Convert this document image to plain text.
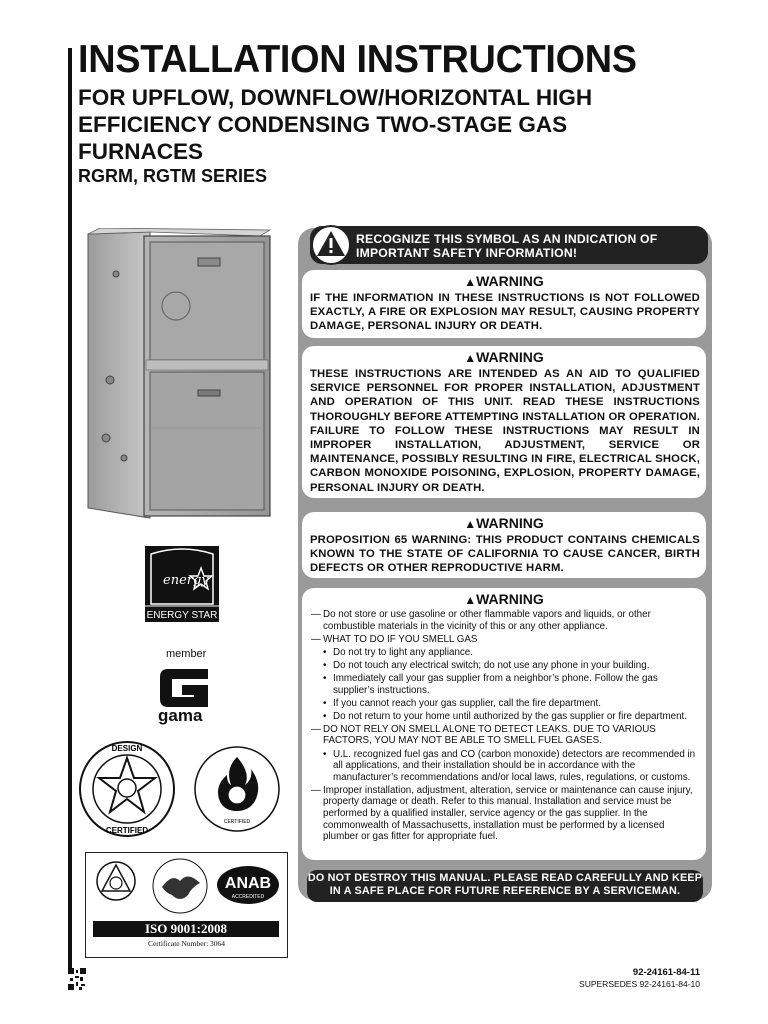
INSTALLATION INSTRUCTIONS
FOR UPFLOW, DOWNFLOW/HORIZONTAL HIGH EFFICIENCY CONDENSING TWO-STAGE GAS FURNACES
RGRM, RGTM SERIES
RECOGNIZE THIS SYMBOL AS AN INDICATION OF IMPORTANT SAFETY INFORMATION!
▲WARNING
IF THE INFORMATION IN THESE INSTRUCTIONS IS NOT FOLLOWED EXACTLY, A FIRE OR EXPLOSION MAY RESULT, CAUSING PROPERTY DAMAGE, PERSONAL INJURY OR DEATH.
▲WARNING
THESE INSTRUCTIONS ARE INTENDED AS AN AID TO QUALIFIED SERVICE PERSONNEL FOR PROPER INSTALLATION, ADJUSTMENT AND OPERATION OF THIS UNIT. READ THESE INSTRUCTIONS THOROUGHLY BEFORE ATTEMPTING INSTALLATION OR OPERATION. FAILURE TO FOLLOW THESE INSTRUCTIONS MAY RESULT IN IMPROPER INSTALLATION, ADJUSTMENT, SERVICE OR MAINTENANCE, POSSIBLY RESULTING IN FIRE, ELECTRICAL SHOCK, CARBON MONOXIDE POISONING, EXPLOSION, PROPERTY DAMAGE, PERSONAL INJURY OR DEATH.
▲WARNING
PROPOSITION 65 WARNING: THIS PRODUCT CONTAINS CHEMICALS KNOWN TO THE STATE OF CALIFORNIA TO CAUSE CANCER, BIRTH DEFECTS OR OTHER REPRODUCTIVE HARM.
▲WARNING
— Do not store or use gasoline or other flammable vapors and liquids, or other combustible materials in the vicinity of this or any other appliance.
— WHAT TO DO IF YOU SMELL GAS
• Do not try to light any appliance.
• Do not touch any electrical switch; do not use any phone in your building.
• Immediately call your gas supplier from a neighbor’s phone. Follow the gas supplier’s instructions.
• If you cannot reach your gas supplier, call the fire department.
• Do not return to your home until authorized by the gas supplier or fire department.
— DO NOT RELY ON SMELL ALONE TO DETECT LEAKS. DUE TO VARIOUS FACTORS, YOU MAY NOT BE ABLE TO SMELL FUEL GASES.
• U.L. recognized fuel gas and CO (carbon monoxide) detectors are recommended in all applications, and their installation should be in accordance with the manufacturer’s recommendations and/or local laws, rules, regulations, or customs.
— Improper installation, adjustment, alteration, service or maintenance can cause injury, property damage or death. Refer to this manual. Installation and service must be performed by a qualified installer, service agency or the gas supplier. In the commonwealth of Massachusetts, installation must be performed by a licensed plumber or gas fitter for appropriate fuel.
DO NOT DESTROY THIS MANUAL. PLEASE READ CAREFULLY AND KEEP IN A SAFE PLACE FOR FUTURE REFERENCE BY A SERVICEMAN.
energy
ENERGY STAR
member
gama
DESIGN
CERTIFIED
CERTIFIED
ANAB
ACCREDITED
ISO 9001:2008
Certificate Number: 3064
92-24161-84-11
SUPERSEDES 92-24161-84-10
